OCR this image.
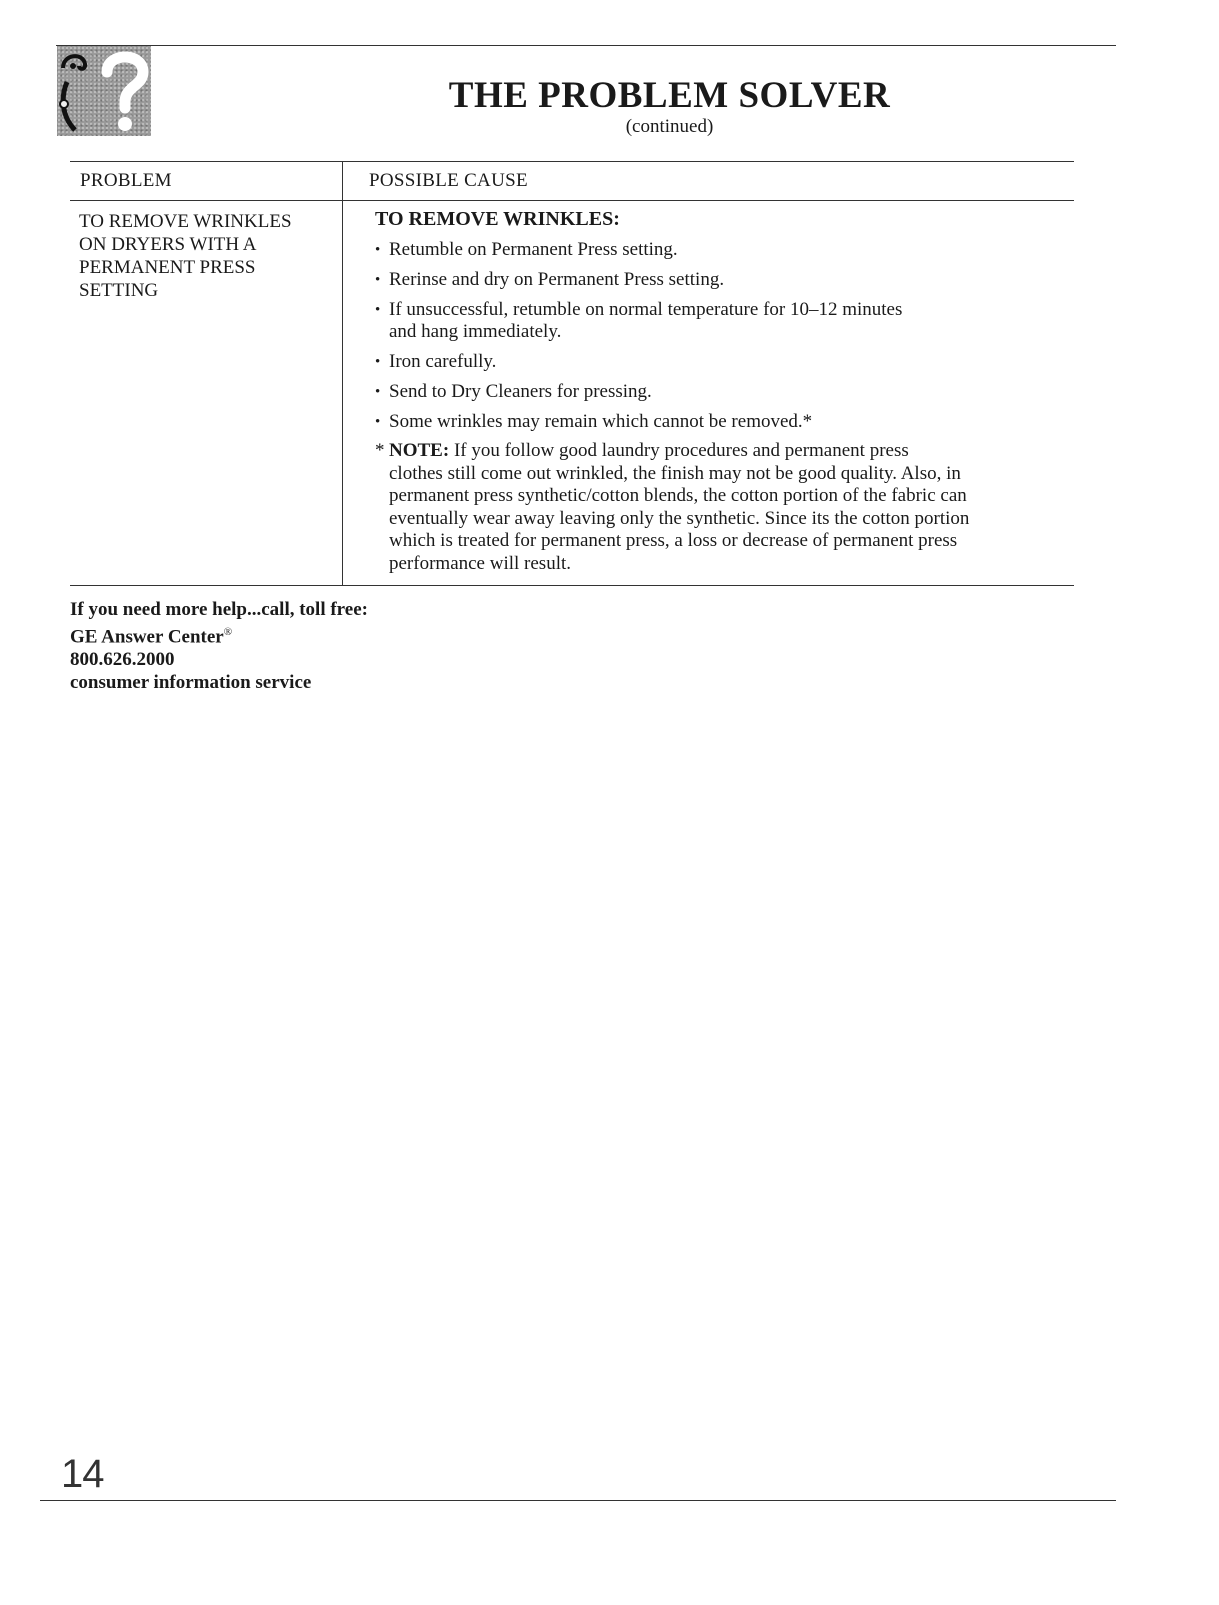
THE PROBLEM SOLVER
(continued)
PROBLEM	POSSIBLE CAUSE
TO REMOVE WRINKLES
ON DRYERS WITH A
PERMANENT PRESS
SETTING
TO REMOVE WRINKLES:
• Retumble on Permanent Press setting.
• Rerinse and dry on Permanent Press setting.
• If unsuccessful, retumble on normal temperature for 10–12 minutes
and hang immediately.
• Iron carefully.
• Send to Dry Cleaners for pressing.
• Some wrinkles may remain which cannot be removed.*
* NOTE: If you follow good laundry procedures and permanent press
clothes still come out wrinkled, the finish may not be good quality. Also, in
permanent press synthetic/cotton blends, the cotton portion of the fabric can
eventually wear away leaving only the synthetic. Since its the cotton portion
which is treated for permanent press, a loss or decrease of permanent press
performance will result.
If you need more help...call, toll free:
GE Answer Center®
800.626.2000
consumer information service
14
